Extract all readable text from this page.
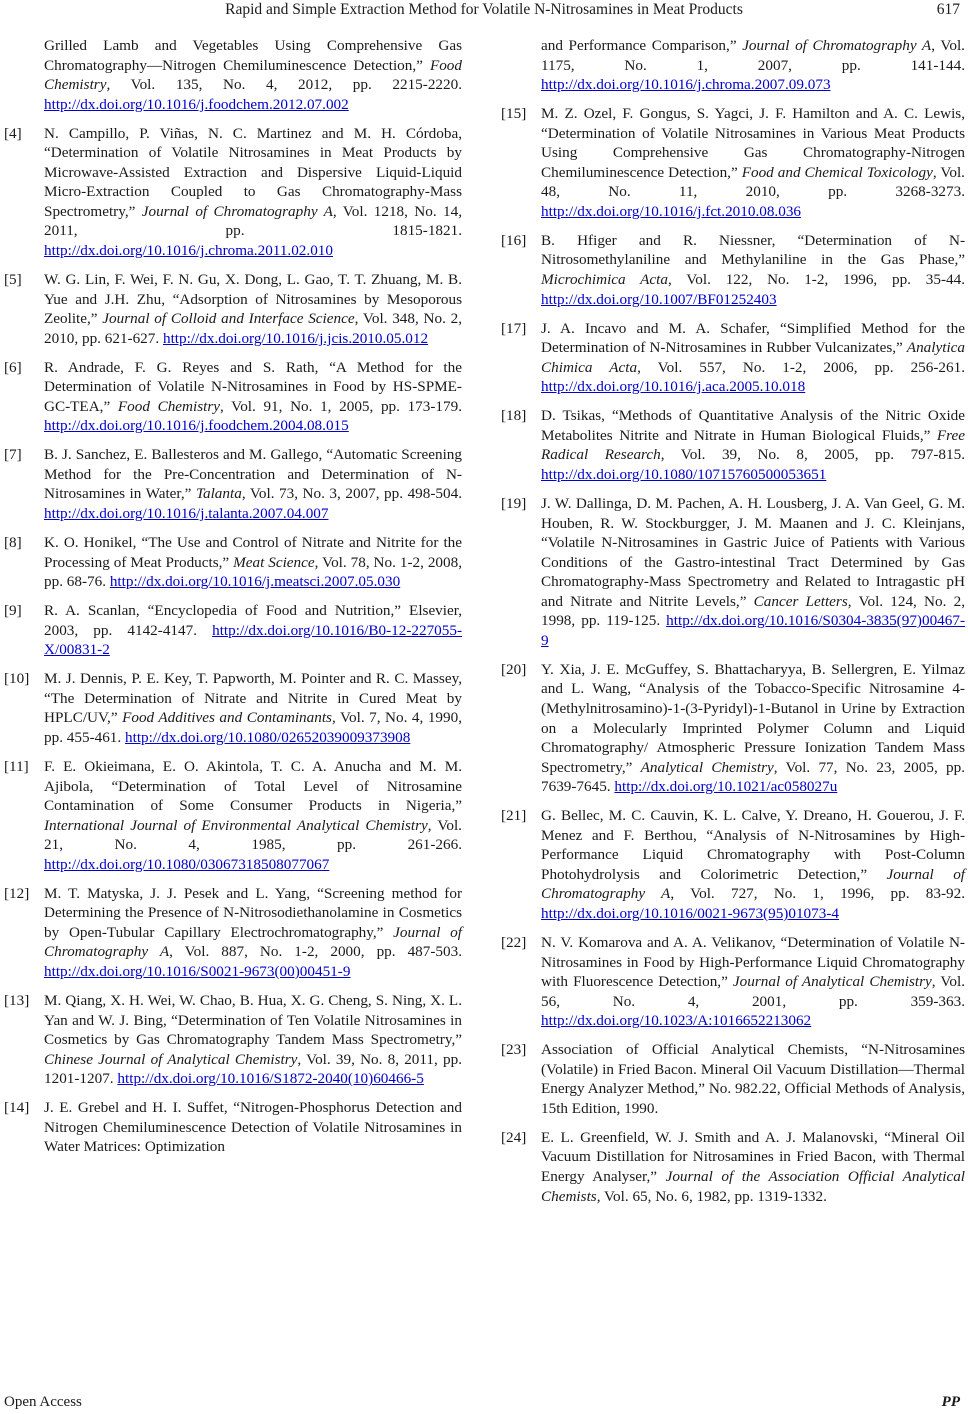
Rapid and Simple Extraction Method for Volatile N-Nitrosamines in Meat Products	617
Grilled Lamb and Vegetables Using Comprehensive Gas Chromatography—Nitrogen Chemiluminescence Detection,” Food Chemistry, Vol. 135, No. 4, 2012, pp. 2215-2220. http://dx.doi.org/10.1016/j.foodchem.2012.07.002
[4] N. Campillo, P. Viñas, N. C. Martinez and M. H. Córdoba, “Determination of Volatile Nitrosamines in Meat Products by Microwave-Assisted Extraction and Dispersive Liquid-Liquid Micro-Extraction Coupled to Gas Chromatography-Mass Spectrometry,” Journal of Chromatography A, Vol. 1218, No. 14, 2011, pp. 1815-1821. http://dx.doi.org/10.1016/j.chroma.2011.02.010
[5] W. G. Lin, F. Wei, F. N. Gu, X. Dong, L. Gao, T. T. Zhuang, M. B. Yue and J.H. Zhu, “Adsorption of Nitrosamines by Mesoporous Zeolite,” Journal of Colloid and Interface Science, Vol. 348, No. 2, 2010, pp. 621-627. http://dx.doi.org/10.1016/j.jcis.2010.05.012
[6] R. Andrade, F. G. Reyes and S. Rath, “A Method for the Determination of Volatile N-Nitrosamines in Food by HS-SPME-GC-TEA,” Food Chemistry, Vol. 91, No. 1, 2005, pp. 173-179. http://dx.doi.org/10.1016/j.foodchem.2004.08.015
[7] B. J. Sanchez, E. Ballesteros and M. Gallego, “Automatic Screening Method for the Pre-Concentration and Determination of N-Nitrosamines in Water,” Talanta, Vol. 73, No. 3, 2007, pp. 498-504. http://dx.doi.org/10.1016/j.talanta.2007.04.007
[8] K. O. Honikel, “The Use and Control of Nitrate and Nitrite for the Processing of Meat Products,” Meat Science, Vol. 78, No. 1-2, 2008, pp. 68-76. http://dx.doi.org/10.1016/j.meatsci.2007.05.030
[9] R. A. Scanlan, “Encyclopedia of Food and Nutrition,” Elsevier, 2003, pp. 4142-4147. http://dx.doi.org/10.1016/B0-12-227055-X/00831-2
[10] M. J. Dennis, P. E. Key, T. Papworth, M. Pointer and R. C. Massey, “The Determination of Nitrate and Nitrite in Cured Meat by HPLC/UV,” Food Additives and Contaminants, Vol. 7, No. 4, 1990, pp. 455-461. http://dx.doi.org/10.1080/02652039009373908
[11] F. E. Okieimana, E. O. Akintola, T. C. A. Anucha and M. M. Ajibola, “Determination of Total Level of Nitrosamine Contamination of Some Consumer Products in Nigeria,” International Journal of Environmental Analytical Chemistry, Vol. 21, No. 4, 1985, pp. 261-266. http://dx.doi.org/10.1080/03067318508077067
[12] M. T. Matyska, J. J. Pesek and L. Yang, “Screening method for Determining the Presence of N-Nitrosodiethanolamine in Cosmetics by Open-Tubular Capillary Electrochromatography,” Journal of Chromatography A, Vol. 887, No. 1-2, 2000, pp. 487-503. http://dx.doi.org/10.1016/S0021-9673(00)00451-9
[13] M. Qiang, X. H. Wei, W. Chao, B. Hua, X. G. Cheng, S. Ning, X. L. Yan and W. J. Bing, “Determination of Ten Volatile Nitrosamines in Cosmetics by Gas Chromatography Tandem Mass Spectrometry,” Chinese Journal of Analytical Chemistry, Vol. 39, No. 8, 2011, pp. 1201-1207. http://dx.doi.org/10.1016/S1872-2040(10)60466-5
[14] J. E. Grebel and H. I. Suffet, “Nitrogen-Phosphorus Detection and Nitrogen Chemiluminescence Detection of Volatile Nitrosamines in Water Matrices: Optimization
and Performance Comparison,” Journal of Chromatography A, Vol. 1175, No. 1, 2007, pp. 141-144. http://dx.doi.org/10.1016/j.chroma.2007.09.073
[15] M. Z. Ozel, F. Gongus, S. Yagci, J. F. Hamilton and A. C. Lewis, “Determination of Volatile Nitrosamines in Various Meat Products Using Comprehensive Gas Chromatography-Nitrogen Chemiluminescence Detection,” Food and Chemical Toxicology, Vol. 48, No. 11, 2010, pp. 3268-3273. http://dx.doi.org/10.1016/j.fct.2010.08.036
[16] B. Hfiger and R. Niessner, “Determination of N-Nitrosomethylaniline and Methylaniline in the Gas Phase,” Microchimica Acta, Vol. 122, No. 1-2, 1996, pp. 35-44. http://dx.doi.org/10.1007/BF01252403
[17] J. A. Incavo and M. A. Schafer, “Simplified Method for the Determination of N-Nitrosamines in Rubber Vulcanizates,” Analytica Chimica Acta, Vol. 557, No. 1-2, 2006, pp. 256-261. http://dx.doi.org/10.1016/j.aca.2005.10.018
[18] D. Tsikas, “Methods of Quantitative Analysis of the Nitric Oxide Metabolites Nitrite and Nitrate in Human Biological Fluids,” Free Radical Research, Vol. 39, No. 8, 2005, pp. 797-815. http://dx.doi.org/10.1080/10715760500053651
[19] J. W. Dallinga, D. M. Pachen, A. H. Lousberg, J. A. Van Geel, G. M. Houben, R. W. Stockburgger, J. M. Maanen and J. C. Kleinjans, “Volatile N-Nitrosamines in Gastric Juice of Patients with Various Conditions of the Gastro-intestinal Tract Determined by Gas Chromatography-Mass Spectrometry and Related to Intragastic pH and Nitrate and Nitrite Levels,” Cancer Letters, Vol. 124, No. 2, 1998, pp. 119-125. http://dx.doi.org/10.1016/S0304-3835(97)00467-9
[20] Y. Xia, J. E. McGuffey, S. Bhattacharyya, B. Sellergren, E. Yilmaz and L. Wang, “Analysis of the Tobacco-Specific Nitrosamine 4-(Methylnitrosamino)-1-(3-Pyridyl)-1-Butanol in Urine by Extraction on a Molecularly Imprinted Polymer Column and Liquid Chromatography/ Atmospheric Pressure Ionization Tandem Mass Spectrometry,” Analytical Chemistry, Vol. 77, No. 23, 2005, pp. 7639-7645. http://dx.doi.org/10.1021/ac058027u
[21] G. Bellec, M. C. Cauvin, K. L. Calve, Y. Dreano, H. Gouerou, J. F. Menez and F. Berthou, “Analysis of N-Nitrosamines by High-Performance Liquid Chromatography with Post-Column Photohydrolysis and Colorimetric Detection,” Journal of Chromatography A, Vol. 727, No. 1, 1996, pp. 83-92. http://dx.doi.org/10.1016/0021-9673(95)01073-4
[22] N. V. Komarova and A. A. Velikanov, “Determination of Volatile N-Nitrosamines in Food by High-Performance Liquid Chromatography with Fluorescence Detection,” Journal of Analytical Chemistry, Vol. 56, No. 4, 2001, pp. 359-363. http://dx.doi.org/10.1023/A:1016652213062
[23] Association of Official Analytical Chemists, “N-Nitrosamines (Volatile) in Fried Bacon. Mineral Oil Vacuum Distillation—Thermal Energy Analyzer Method,” No. 982.22, Official Methods of Analysis, 15th Edition, 1990.
[24] E. L. Greenfield, W. J. Smith and A. J. Malanovski, “Mineral Oil Vacuum Distillation for Nitrosamines in Fried Bacon, with Thermal Energy Analyser,” Journal of the Association Official Analytical Chemists, Vol. 65, No. 6, 1982, pp. 1319-1332.
Open Access	PP
